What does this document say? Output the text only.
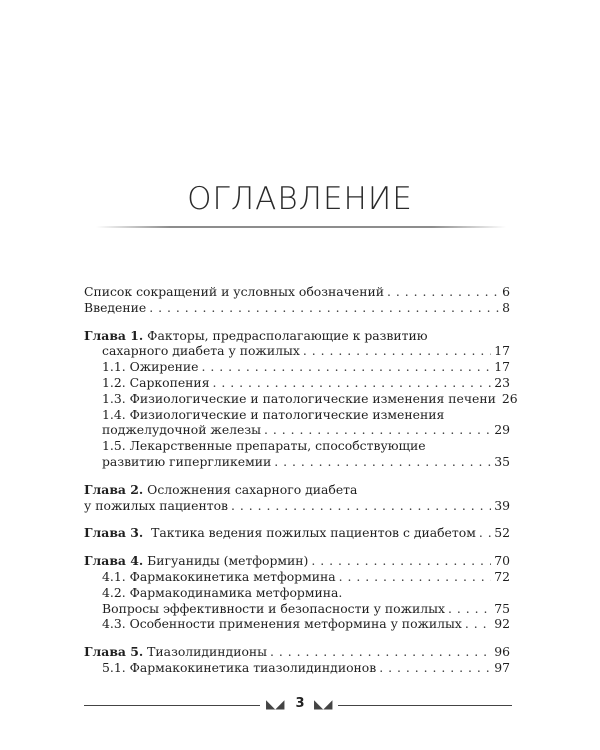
ОГЛАВЛЕНИЕ
Список сокращений и условных обозначений . . .	6
Введение . . .	8
Глава 1. Факторы, предрасполагающие к развитию
сахарного диабета у пожилых . . .	17
1.1. Ожирение . . .	17
1.2. Саркопения . . .	23
1.3. Физиологические и патологические изменения печени 26
1.4. Физиологические и патологические изменения
поджелудочной железы . . .	29
1.5. Лекарственные препараты, способствующие
развитию гипергликемии . . .	35
Глава 2. Осложнения сахарного диабета
у пожилых пациентов . . .	39
Глава 3.  Тактика ведения пожилых пациентов с диабетом . . . 52
Глава 4. Бигуаниды (метформин) . . .	70
4.1. Фармакокинетика метформина . . .	72
4.2. Фармакодинамика метформина.
Вопросы эффективности и безопасности у пожилых . . .	75
4.3. Особенности применения метформина у пожилых . . .	92
Глава 5. Тиазолидиндионы . . .	96
5.1. Фармакокинетика тиазолидиндионов . . .	97
◣◢ 3 ◣◢
